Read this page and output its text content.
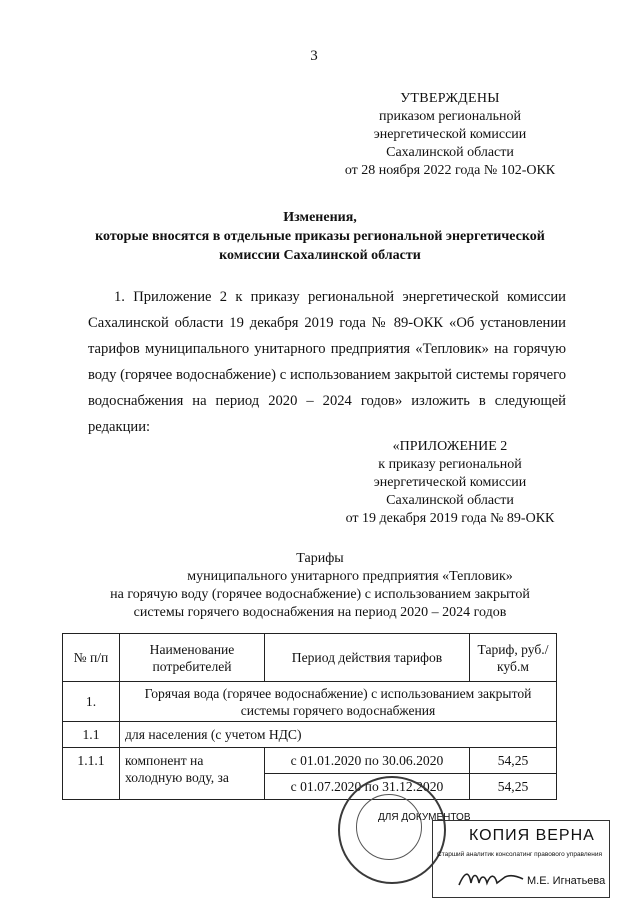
3
УТВЕРЖДЕНЫ
приказом региональной
энергетической комиссии
Сахалинской области
от 28 ноября 2022 года № 102-ОКК
Изменения,
которые вносятся в отдельные приказы региональной энергетической
комиссии Сахалинской области
1. Приложение 2 к приказу региональной энергетической комиссии Сахалинской области 19 декабря 2019 года № 89-ОКК «Об установлении тарифов муниципального унитарного предприятия «Тепловик» на горячую воду (горячее водоснабжение) с использованием закрытой системы горячего водоснабжения на период 2020 – 2024 годов» изложить в следующей редакции:
«ПРИЛОЖЕНИЕ 2
к приказу региональной
энергетической комиссии
Сахалинской области
от 19 декабря 2019 года № 89-ОКК
Тарифы
муниципального унитарного предприятия «Тепловик»
на горячую воду (горячее водоснабжение) с использованием закрытой
системы горячего водоснабжения на период 2020 – 2024 годов
№ п/п	Наименование потребителей	Период действия тарифов	Тариф, руб./куб.м
1.	Горячая вода (горячее водоснабжение) с использованием закрытой системы горячего водоснабжения		
1.1	для населения (с учетом НДС)		
1.1.1	компонент на холодную воду, за	с 01.01.2020 по 30.06.2020	54,25
		с 01.07.2020 по 31.12.2020	54,25
ДЛЯ ДОКУМЕНТОВ
КОПИЯ ВЕРНА
Старший аналитик консолатинг правового управления
М.Е. Игнатьева
